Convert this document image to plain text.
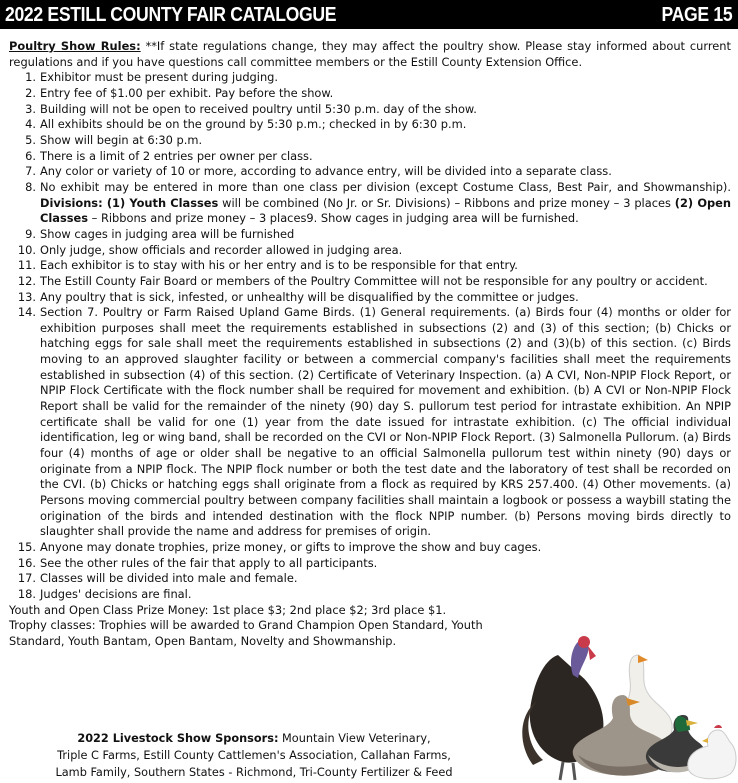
2022 ESTILL COUNTY FAIR CATALOGUE	PAGE 15

Poultry Show Rules: **If state regulations change, they may affect the poultry show. Please stay informed about current regulations and if you have questions call committee members or the Estill County Extension Office.

1. Exhibitor must be present during judging.
2. Entry fee of $1.00 per exhibit. Pay before the show.
3. Building will not be open to received poultry until 5:30 p.m. day of the show.
4. All exhibits should be on the ground by 5:30 p.m.; checked in by 6:30 p.m.
5. Show will begin at 6:30 p.m.
6. There is a limit of 2 entries per owner per class.
7. Any color or variety of 10 or more, according to advance entry, will be divided into a separate class.
8. No exhibit may be entered in more than one class per division (except Costume Class, Best Pair, and Showmanship). Divisions: (1) Youth Classes will be combined (No Jr. or Sr. Divisions) – Ribbons and prize money – 3 places (2) Open Classes – Ribbons and prize money – 3 places9. Show cages in judging area will be furnished.
9. Show cages in judging area will be furnished
10. Only judge, show officials and recorder allowed in judging area.
11. Each exhibitor is to stay with his or her entry and is to be responsible for that entry.
12. The Estill County Fair Board or members of the Poultry Committee will not be responsible for any poultry or accident.
13. Any poultry that is sick, infested, or unhealthy will be disqualified by the committee or judges.
14. Section 7. Poultry or Farm Raised Upland Game Birds. (1) General requirements. (a) Birds four (4) months or older for exhibition purposes shall meet the requirements established in subsections (2) and (3) of this section; (b) Chicks or hatching eggs for sale shall meet the requirements established in subsections (2) and (3)(b) of this section. (c) Birds moving to an approved slaughter facility or between a commercial company's facilities shall meet the requirements established in subsection (4) of this section. (2) Certificate of Veterinary Inspection. (a) A CVI, Non-NPIP Flock Report, or NPIP Flock Certificate with the flock number shall be required for movement and exhibition. (b) A CVI or Non-NPIP Flock Report shall be valid for the remainder of the ninety (90) day S. pullorum test period for intrastate exhibition. An NPIP certificate shall be valid for one (1) year from the date issued for intrastate exhibition. (c) The official individual identification, leg or wing band, shall be recorded on the CVI or Non-NPIP Flock Report. (3) Salmonella Pullorum. (a) Birds four (4) months of age or older shall be negative to an official Salmonella pullorum test within ninety (90) days or originate from a NPIP flock. The NPIP flock number or both the test date and the laboratory of test shall be recorded on the CVI. (b) Chicks or hatching eggs shall originate from a flock as required by KRS 257.400. (4) Other movements. (a) Persons moving commercial poultry between company facilities shall maintain a logbook or possess a waybill stating the origination of the birds and intended destination with the flock NPIP number. (b) Persons moving birds directly to slaughter shall provide the name and address for premises of origin.
15. Anyone may donate trophies, prize money, or gifts to improve the show and buy cages.
16. See the other rules of the fair that apply to all participants.
17. Classes will be divided into male and female.
18. Judges' decisions are final.

Youth and Open Class Prize Money: 1st place $3; 2nd place $2; 3rd place $1.

Trophy classes: Trophies will be awarded to Grand Champion Open Standard, Youth Standard, Youth Bantam, Open Bantam, Novelty and Showmanship.

2022 Livestock Show Sponsors: Mountain View Veterinary,
Triple C Farms, Estill County Cattlemen's Association, Callahan Farms,
Lamb Family, Southern States - Richmond, Tri-County Fertilizer & Feed
